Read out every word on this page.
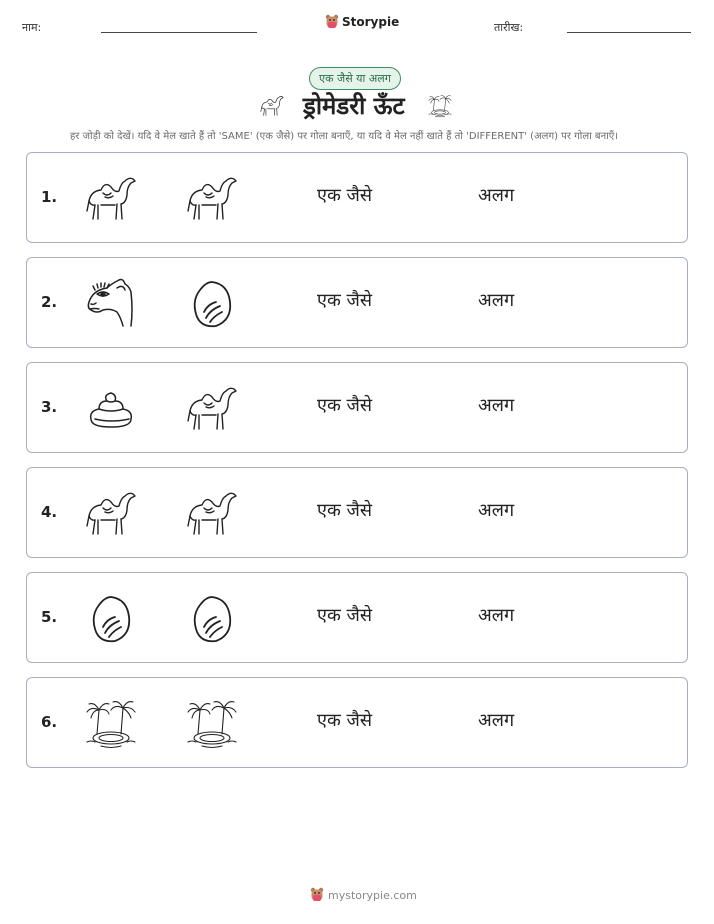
नाम:	Storypie	तारीख:
एक जैसे या अलग
ड्रोमेडरी ऊँट
हर जोड़ी को देखें। यदि वे मेल खाते हैं तो 'SAME' (एक जैसे) पर गोला बनाएँ, या यदि वे मेल नहीं खाते हैं तो 'DIFFERENT' (अलग) पर गोला बनाएँ।
1.	एक जैसे	अलग
2.	एक जैसे	अलग
3.	एक जैसे	अलग
4.	एक जैसे	अलग
5.	एक जैसे	अलग
6.	एक जैसे	अलग
mystorypie.com
